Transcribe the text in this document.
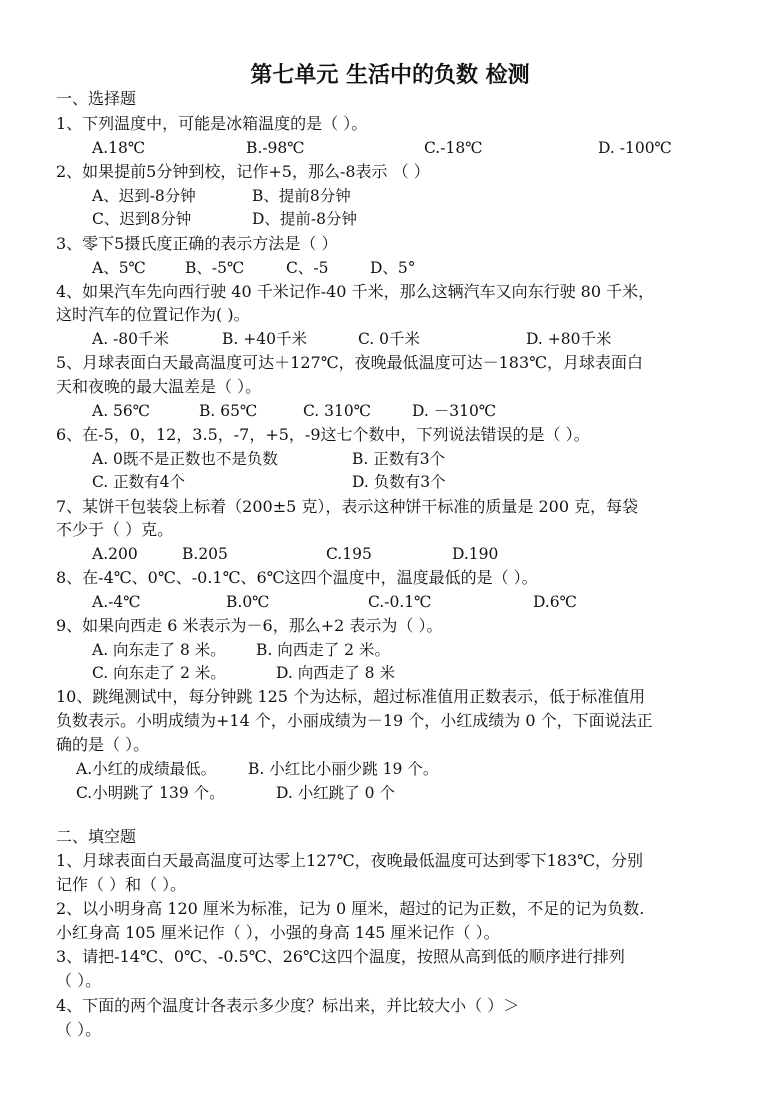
第七单元 生活中的负数 检测
一、选择题
1、下列温度中，可能是冰箱温度的是（ ）。
A.18℃	B.-98℃	C.-18℃	D. -100℃
2、如果提前5分钟到校，记作+5，那么-8表示 （ ）
A、迟到-8分钟	B、提前8分钟
C、迟到8分钟	D、提前-8分钟
3、零下5摄氏度正确的表示方法是（ ）
A、5℃	B、-5℃	C、-5	D、5°
4、如果汽车先向西行驶 40 千米记作-40 千米，那么这辆汽车又向东行驶 80 千米，
这时汽车的位置记作为( )。
A. -80千米	B. +40千米	C. 0千米	D. +80千米
5、月球表面白天最高温度可达＋127℃，夜晚最低温度可达－183℃，月球表面白
天和夜晚的最大温差是（ ）。
A. 56℃	B. 65℃	C. 310℃	D. －310℃
6、在-5，0，12，3.5，-7，+5，-9这七个数中，下列说法错误的是（ ）。
A. 0既不是正数也不是负数	B. 正数有3个
C. 正数有4个	D. 负数有3个
7、某饼干包装袋上标着（200±5 克），表示这种饼干标准的质量是 200 克，每袋
不少于（ ）克。
A.200	B.205	C.195	D.190
8、在-4℃、0℃、-0.1℃、6℃这四个温度中，温度最低的是（ ）。
A.-4℃	B.0℃	C.-0.1℃	D.6℃
9、如果向西走 6 米表示为－6，那么+2 表示为（ ）。
A. 向东走了 8 米。 B. 向西走了 2 米。
C. 向东走了 2 米。	D. 向西走了 8 米
10、跳绳测试中，每分钟跳 125 个为达标，超过标准值用正数表示，低于标准值用
负数表示。小明成绩为+14 个，小丽成绩为－19 个，小红成绩为 0 个，下面说法正
确的是（ ）。
A.小红的成绩最低。 B. 小红比小丽少跳 19 个。
C.小明跳了 139 个。	D. 小红跳了 0 个
二、填空题
1、月球表面白天最高温度可达零上127℃，夜晚最低温度可达到零下183℃，分别
记作（ ）和（ ）。
2、以小明身高 120 厘米为标准，记为 0 厘米，超过的记为正数，不足的记为负数.
小红身高 105 厘米记作（ ），小强的身高 145 厘米记作（ ）。
3、请把-14℃、0℃、-0.5℃、26℃这四个温度，按照从高到低的顺序进行排列
（ ）。
4、下面的两个温度计各表示多少度？标出来，并比较大小（ ）＞
（ ）。
